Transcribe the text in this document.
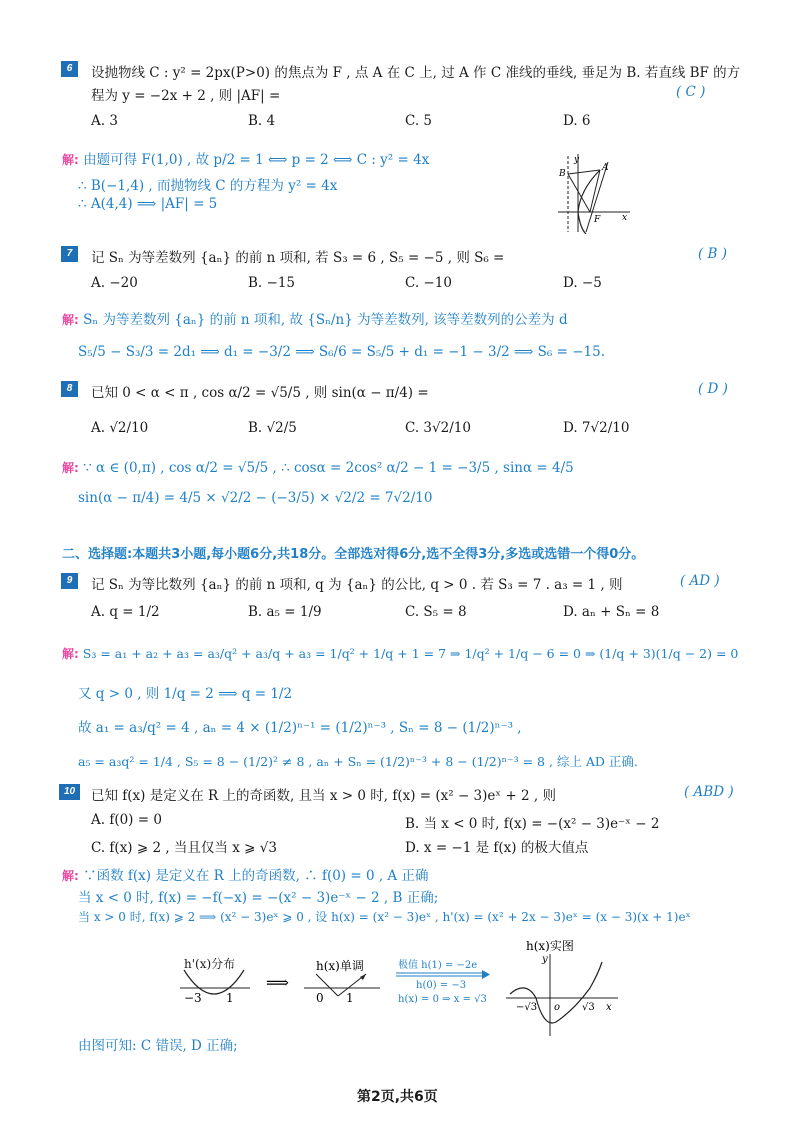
6	设抛物线 C : y² = 2px(P>0) 的焦点为 F , 点 A 在 C 上, 过 A 作 C 准线的垂线, 垂足为 B. 若直线 BF 的方
程为 y = −2x + 2 , 则 |AF| =	( C )
A. 3	B. 4	C. 5	D. 6
解: 由题可得 F(1,0) , 故 p/2 = 1 ⟺ p = 2 ⟺ C : y² = 4x
∴ B(−1,4) , 而抛物线 C 的方程为 y² = 4x
∴ A(4,4) ⟹ |AF| = 5
y
B
A
F x
7	记 Sₙ 为等差数列 {aₙ} 的前 n 项和, 若 S₃ = 6 , S₅ = −5 , 则 S₆ =	( B )
A. −20	B. −15	C. −10	D. −5
解: Sₙ 为等差数列 {aₙ} 的前 n 项和, 故 {Sₙ/n} 为等差数列, 该等差数列的公差为 d
S₅/5 − S₃/3 = 2d₁ ⟹ d₁ = −3/2 ⟹ S₆/6 = S₅/5 + d₁ = −1 − 3/2 ⟹ S₆ = −15.
8	已知 0 < α < π , cos α/2 = √5/5 , 则 sin(α − π/4) =	( D )
A. √2/10	B. √2/5	C. 3√2/10	D. 7√2/10
解: ∵ α ∈ (0,π) , cos α/2 = √5/5 , ∴ cosα = 2cos² α/2 − 1 = −3/5 , sinα = 4/5
sin(α − π/4) = 4/5 × √2/2 − (−3/5) × √2/2 = 7√2/10
二、选择题:本题共3小题,每小题6分,共18分。全部选对得6分,选不全得3分,多选或选错一个得0分。
9	记 Sₙ 为等比数列 {aₙ} 的前 n 项和, q 为 {aₙ} 的公比, q > 0 . 若 S₃ = 7 . a₃ = 1 , 则	( AD )
A. q = 1/2	B. a₅ = 1/9	C. S₅ = 8	D. aₙ + Sₙ = 8
解: S₃ = a₁ + a₂ + a₃ = a₃/q² + a₃/q + a₃ = 1/q² + 1/q + 1 = 7 ⇒ 1/q² + 1/q − 6 = 0 ⇒ (1/q + 3)(1/q − 2) = 0
又 q > 0 , 则 1/q = 2 ⟹ q = 1/2
故 a₁ = a₃/q² = 4 , aₙ = 4 × (1/2)ⁿ⁻¹ = (1/2)ⁿ⁻³ , Sₙ = 8 − (1/2)ⁿ⁻³ ,
a₅ = a₃q² = 1/4 , S₅ = 8 − (1/2)² ≠ 8 , aₙ + Sₙ = (1/2)ⁿ⁻³ + 8 − (1/2)ⁿ⁻³ = 8 , 综上 AD 正确.
10	已知 f(x) 是定义在 R 上的奇函数, 且当 x > 0 时, f(x) = (x² − 3)eˣ + 2 , 则	( ABD )
A. f(0) = 0	B. 当 x < 0 时, f(x) = −(x² − 3)e⁻ˣ − 2
C. f(x) ⩾ 2 , 当且仅当 x ⩾ √3	D. x = −1 是 f(x) 的极大值点
解: ∵函数 f(x) 是定义在 R 上的奇函数, ∴ f(0) = 0 , A 正确
当 x < 0 时, f(x) = −f(−x) = −(x² − 3)e⁻ˣ − 2 , B 正确;
当 x > 0 时, f(x) ⩾ 2 ⟹ (x² − 3)eˣ ⩾ 0 , 设 h(x) = (x² − 3)eˣ , h'(x) = (x² + 2x − 3)eˣ = (x − 3)(x + 1)eˣ
h'(x)分布
−3 1
⟹
h(x)单调
0 1
极值 h(1) = −2e
h(0) = −3
h(x) = 0 ⇒ x = √3
h(x)实图
y
x
o
−√3	√3
由图可知: C 错误, D 正确;
第2页,共6页
